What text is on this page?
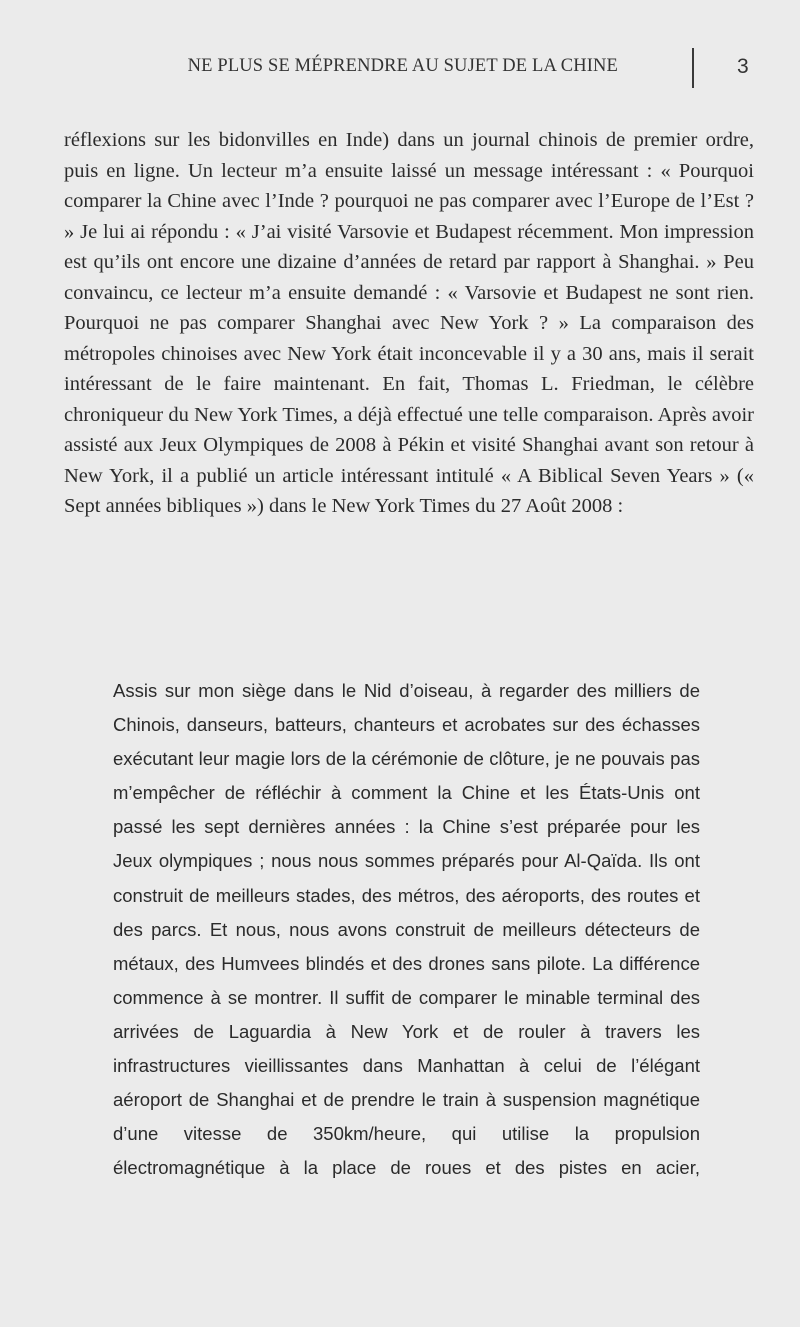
NE PLUS SE MÉPRENDRE AU SUJET DE LA CHINE	3

réflexions sur les bidonvilles en Inde) dans un journal chinois de premier ordre, puis en ligne. Un lecteur m’a ensuite laissé un message intéressant : « Pourquoi comparer la Chine avec l’Inde ? pourquoi ne pas comparer avec l’Europe de l’Est ? » Je lui ai répondu : « J’ai visité Varsovie et Budapest récemment. Mon impression est qu’ils ont encore une dizaine d’années de retard par rapport à Shanghai. » Peu convaincu, ce lecteur m’a ensuite demandé : « Varsovie et Budapest ne sont rien. Pourquoi ne pas comparer Shanghai avec New York ? » La comparaison des métropoles chinoises avec New York était inconcevable il y a 30 ans, mais il serait intéressant de le faire maintenant. En fait, Thomas L. Friedman, le célèbre chroniqueur du New York Times, a déjà effectué une telle comparaison. Après avoir assisté aux Jeux Olympiques de 2008 à Pékin et visité Shanghai avant son retour à New York, il a publié un article intéressant intitulé « A Biblical Seven Years » (« Sept années bibliques ») dans le New York Times du 27 Août 2008 :

Assis sur mon siège dans le Nid d’oiseau, à regarder des milliers de Chinois, danseurs, batteurs, chanteurs et acrobates sur des échasses exécutant leur magie lors de la cérémonie de clôture, je ne pouvais pas m’empêcher de réfléchir à comment la Chine et les États-Unis ont passé les sept dernières années : la Chine s’est préparée pour les Jeux olympiques ; nous nous sommes préparés pour Al-Qaïda. Ils ont construit de meilleurs stades, des métros, des aéroports, des routes et des parcs. Et nous, nous avons construit de meilleurs détecteurs de métaux, des Humvees blindés et des drones sans pilote. La différence commence à se montrer. Il suffit de comparer le minable terminal des arrivées de Laguardia à New York et de rouler à travers les infrastructures vieillissantes dans Manhattan à celui de l’élégant aéroport de Shanghai et de prendre le train à suspension magnétique d’une vitesse de 350km/heure, qui utilise la propulsion électromagnétique à la place de roues et des pistes en acier,
